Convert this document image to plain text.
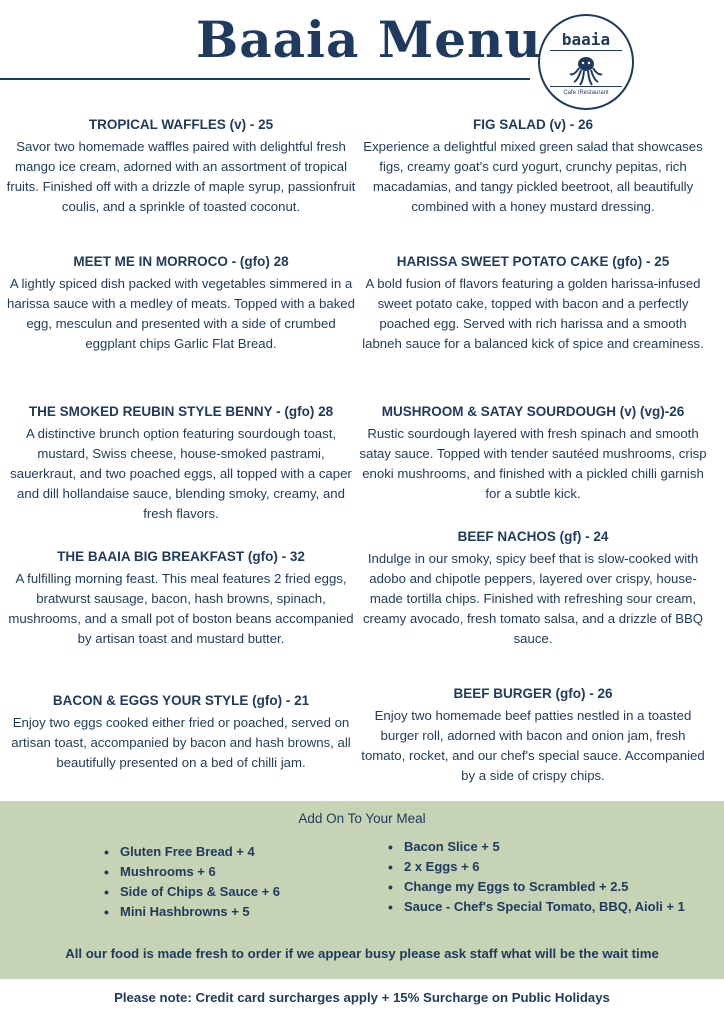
Baaia Menu	baaia
Cafe /Restaurant
TROPICAL WAFFLES (v) - 25
Savor two homemade waffles paired with delightful fresh mango ice cream, adorned with an assortment of tropical fruits. Finished off with a drizzle of maple syrup, passionfruit coulis, and a sprinkle of toasted coconut.
MEET ME IN MORROCO - (gfo) 28
A lightly spiced dish packed with vegetables simmered in a harissa sauce with a medley of meats. Topped with a baked egg, mesculun and presented with a side of crumbed eggplant chips Garlic Flat Bread.
THE SMOKED REUBIN STYLE BENNY - (gfo) 28
A distinctive brunch option featuring sourdough toast, mustard, Swiss cheese, house-smoked pastrami, sauerkraut, and two poached eggs, all topped with a caper and dill hollandaise sauce, blending smoky, creamy, and fresh flavors.
THE BAAIA BIG BREAKFAST (gfo) - 32
A fulfilling morning feast. This meal features 2 fried eggs, bratwurst sausage, bacon, hash browns, spinach, mushrooms, and a small pot of boston beans accompanied by artisan toast and mustard butter.
BACON & EGGS YOUR STYLE (gfo) - 21
Enjoy two eggs cooked either fried or poached, served on artisan toast, accompanied by bacon and hash browns, all beautifully presented on a bed of chilli jam.
FIG SALAD (v) - 26
Experience a delightful mixed green salad that showcases figs, creamy goat's curd yogurt, crunchy pepitas, rich macadamias, and tangy pickled beetroot, all beautifully combined with a honey mustard dressing.
HARISSA SWEET POTATO CAKE (gfo) - 25
A bold fusion of flavors featuring a golden harissa-infused sweet potato cake, topped with bacon and a perfectly poached egg. Served with rich harissa and a smooth labneh sauce for a balanced kick of spice and creaminess.
MUSHROOM & SATAY SOURDOUGH (v) (vg)-26
Rustic sourdough layered with fresh spinach and smooth satay sauce. Topped with tender sautéed mushrooms, crisp enoki mushrooms, and finished with a pickled chilli garnish for a subtle kick.
BEEF NACHOS (gf) - 24
Indulge in our smoky, spicy beef that is slow-cooked with adobo and chipotle peppers, layered over crispy, house-made tortilla chips. Finished with refreshing sour cream, creamy avocado, fresh tomato salsa, and a drizzle of BBQ sauce.
BEEF BURGER (gfo) - 26
Enjoy two homemade beef patties nestled in a toasted burger roll, adorned with bacon and onion jam, fresh tomato, rocket, and our chef's special sauce. Accompanied by a side of crispy chips.
Add On To Your Meal
• Gluten Free Bread + 4
• Mushrooms + 6
• Side of Chips & Sauce + 6
• Mini Hashbrowns + 5
• Bacon Slice + 5
• 2 x Eggs + 6
• Change my Eggs to Scrambled + 2.5
• Sauce - Chef's Special Tomato, BBQ, Aioli + 1
All our food is made fresh to order if we appear busy please ask staff what will be the wait time
Please note: Credit card surcharges apply + 15% Surcharge on Public Holidays
